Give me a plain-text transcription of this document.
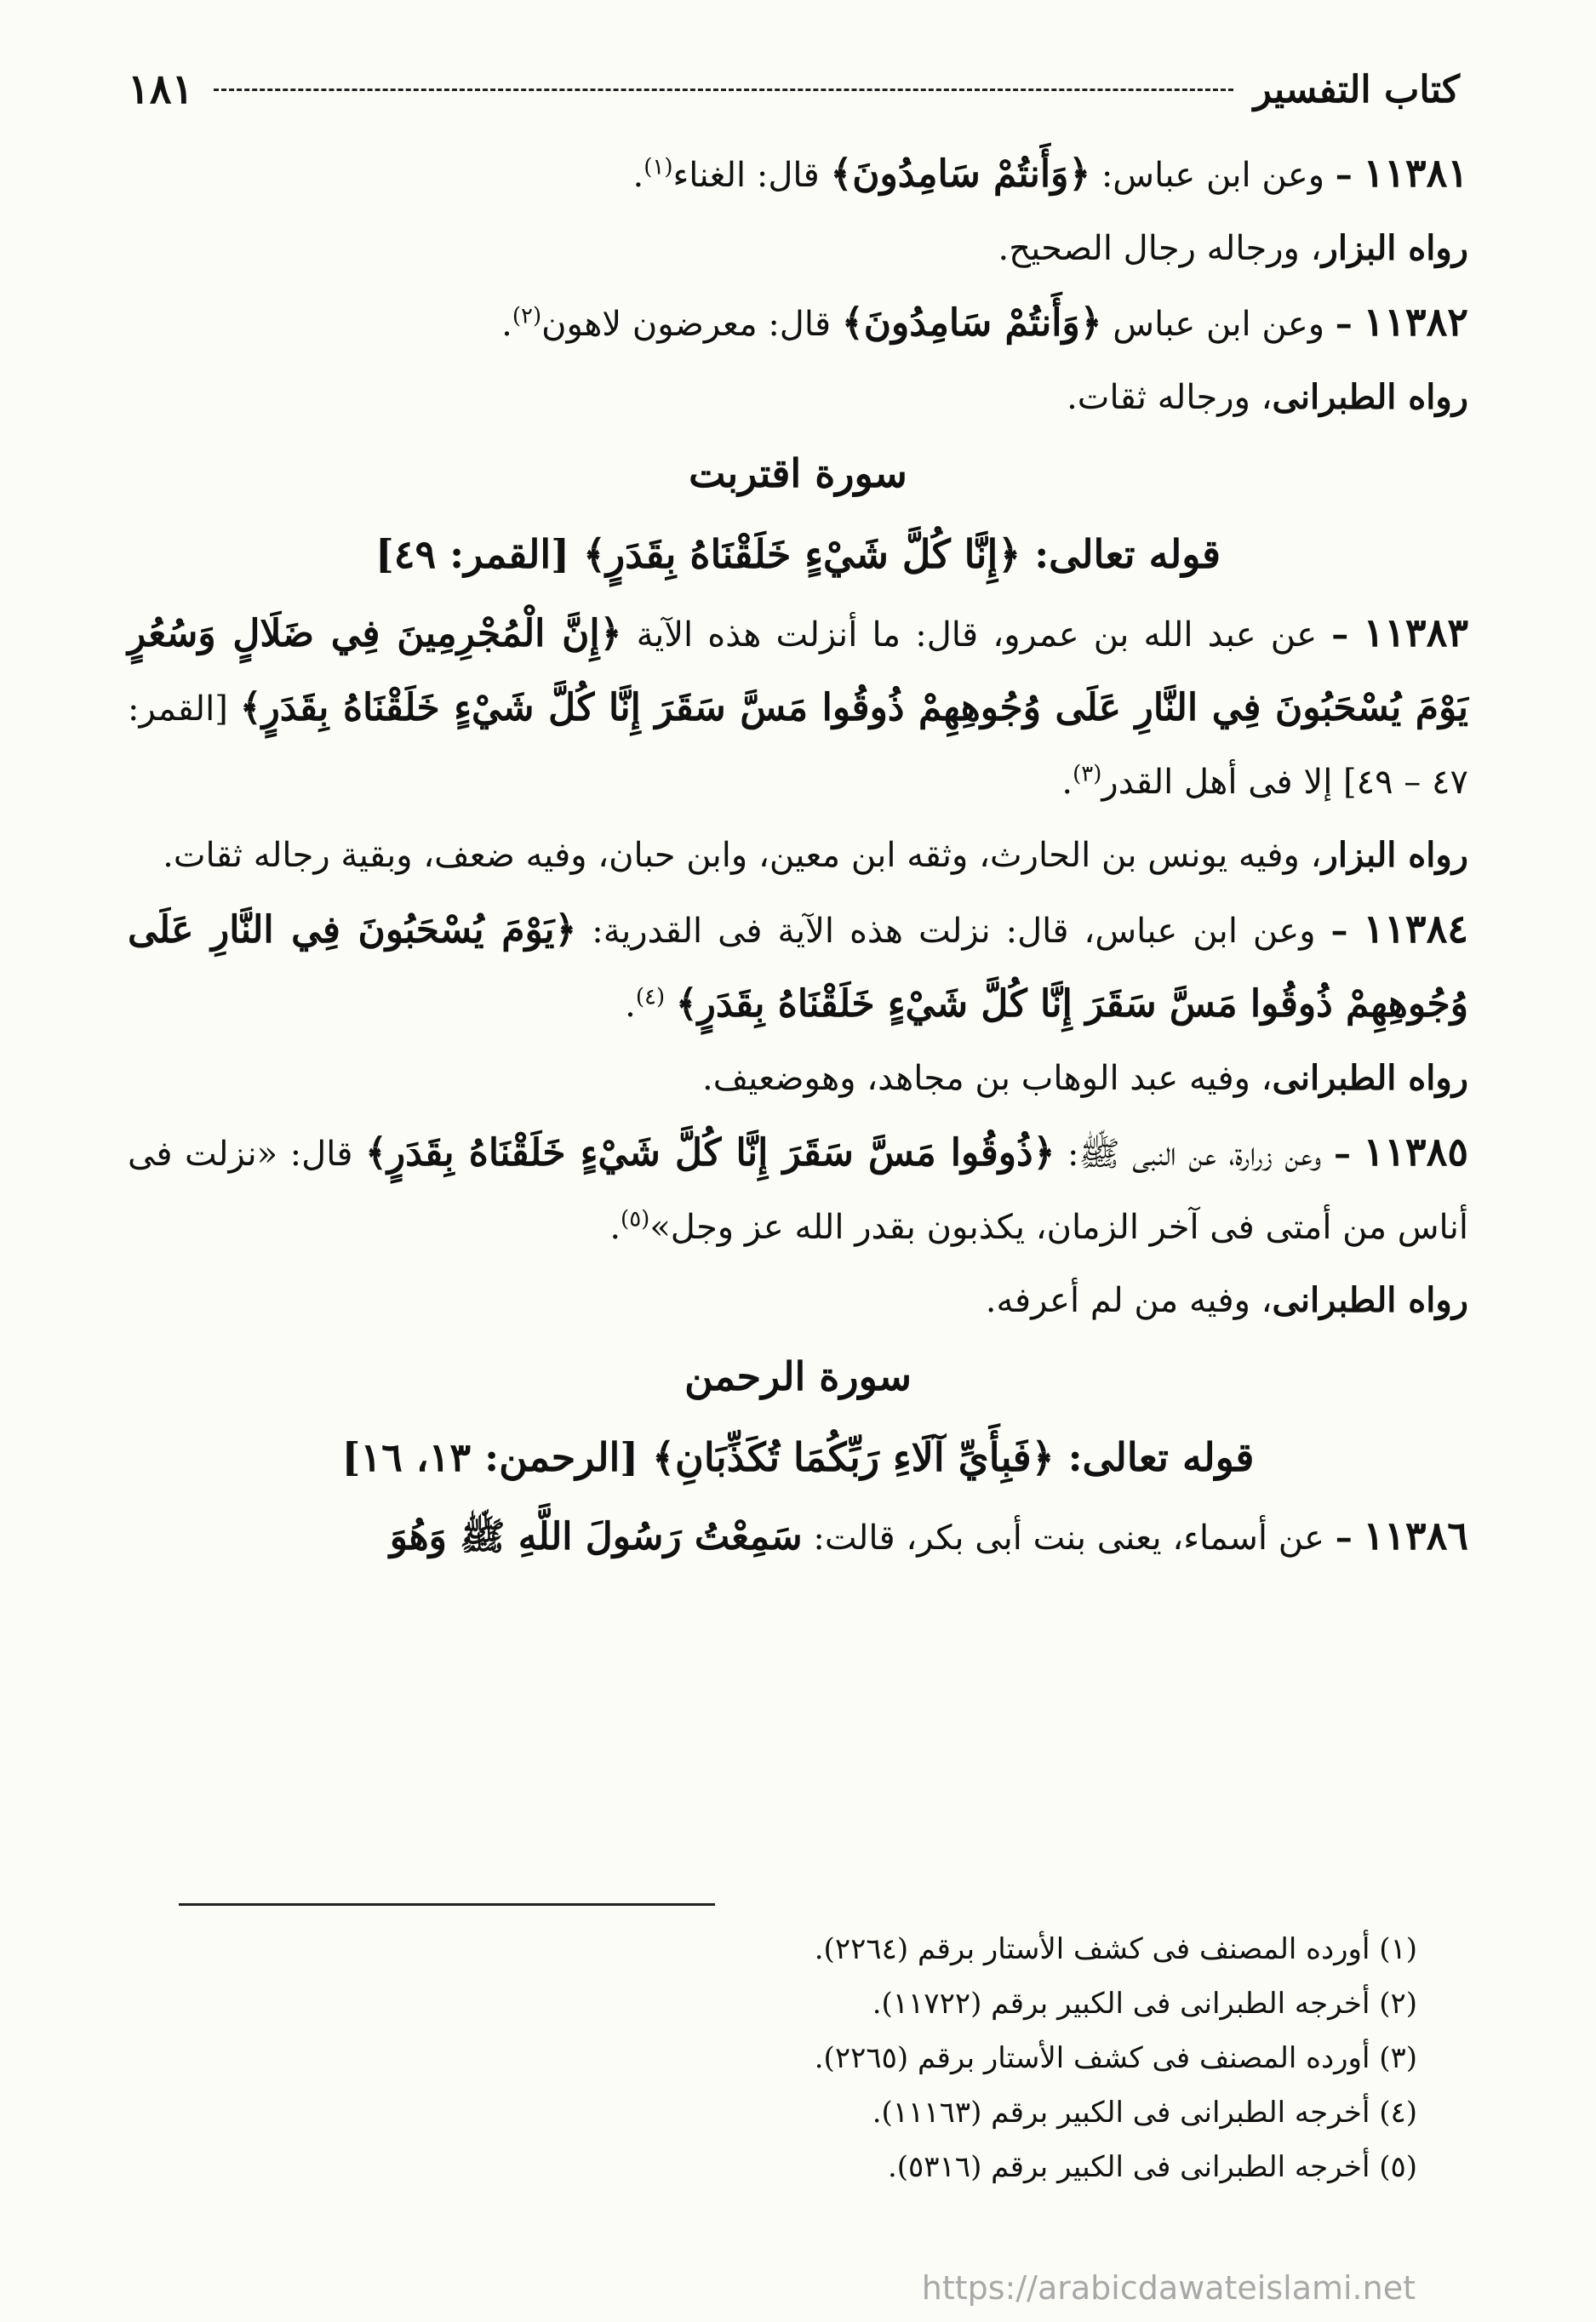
كتاب التفسير
١٨١

١١٣٨١ – وعن ابن عباس: ﴿وَأَنتُمْ سَامِدُونَ﴾ قال: الغناء$^{(١)}$.

رواه البزار، ورجاله رجال الصحيح.

١١٣٨٢ – وعن ابن عباس ﴿وَأَنتُمْ سَامِدُونَ﴾ قال: معرضون لاهون$^{(٢)}$.

رواه الطبرانى، ورجاله ثقات.

سورة اقتربت

قوله تعالى: ﴿إِنَّا كُلَّ شَيْءٍ خَلَقْنَاهُ بِقَدَرٍ﴾ [القمر: ٤٩]

١١٣٨٣ – عن عبد الله بن عمرو، قال: ما أنزلت هذه الآية ﴿إِنَّ الْمُجْرِمِينَ فِي ضَلَالٍ وَسُعُرٍ يَوْمَ يُسْحَبُونَ فِي النَّارِ عَلَى وُجُوهِهِمْ ذُوقُوا مَسَّ سَقَرَ إِنَّا كُلَّ شَيْءٍ خَلَقْنَاهُ بِقَدَرٍ﴾ [القمر: ٤٧ – ٤٩] إلا فى أهل القدر$^{(٣)}$.

رواه البزار، وفيه يونس بن الحارث، وثقه ابن معين، وابن حبان، وفيه ضعف، وبقية رجاله ثقات.

١١٣٨٤ – وعن ابن عباس، قال: نزلت هذه الآية فى القدرية: ﴿يَوْمَ يُسْحَبُونَ فِي النَّارِ عَلَى وُجُوهِهِمْ ذُوقُوا مَسَّ سَقَرَ إِنَّا كُلَّ شَيْءٍ خَلَقْنَاهُ بِقَدَرٍ﴾ $^{(٤)}$.

رواه الطبرانى، وفيه عبد الوهاب بن مجاهد، وهوضعيف.

١١٣٨٥ – وعن زرارة، عن النبى ﷺ: ﴿ذُوقُوا مَسَّ سَقَرَ إِنَّا كُلَّ شَيْءٍ خَلَقْنَاهُ بِقَدَرٍ﴾ قال: «نزلت فى أناس من أمتى فى آخر الزمان، يكذبون بقدر الله عز وجل»$^{(٥)}$.

رواه الطبرانى، وفيه من لم أعرفه.

سورة الرحمن

قوله تعالى: ﴿فَبِأَيِّ آلَاءِ رَبِّكُمَا تُكَذِّبَانِ﴾ [الرحمن: ١٣، ١٦]

١١٣٨٦ – عن أسماء، يعنى بنت أبى بكر، قالت: سَمِعْتُ رَسُولَ اللَّهِ ﷺ وَهُوَ

(١) أورده المصنف فى كشف الأستار برقم (٢٢٦٤).

(٢) أخرجه الطبرانى فى الكبير برقم (١١٧٢٢).

(٣) أورده المصنف فى كشف الأستار برقم (٢٢٦٥).

(٤) أخرجه الطبرانى فى الكبير برقم (١١١٦٣).

(٥) أخرجه الطبرانى فى الكبير برقم (٥٣١٦).

https://arabicdawateislami.net
